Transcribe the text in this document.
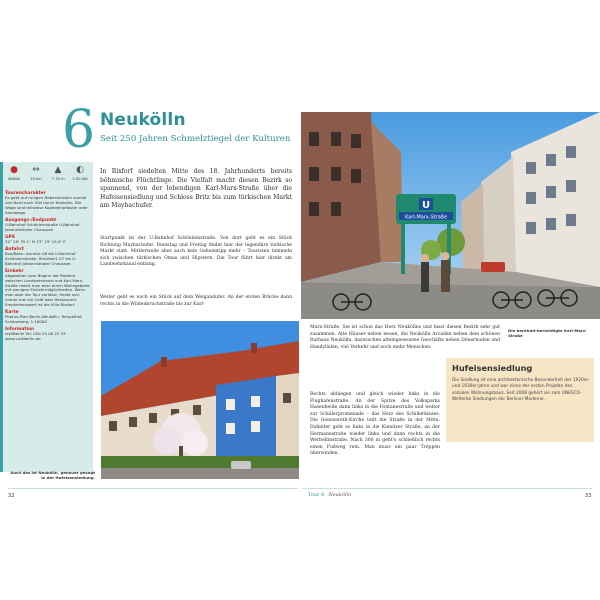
6 Neukölln
Seit 250 Jahren Schmelztiegel der Kulturen
●
Wdfdd
⇔
10 km
▲
↑ 50 m
◐
1:30 Std
Tourencharakter
Es geht auf ruhigen Nebenstraßen einmal von Nord nach Süd durch Neukölln. Die Wege sind teilweise Kopfsteinpflaster oder Sandwege.
Ausgangs-/Endpunkt
U-Bahnhof Schönleinstraße U-Bahnhof Johannisthaler Chaussee
GPS
52° 29' 35.1" N 13° 25' 19.4" E
Anfahrt
Bus/Bahn: Anreise U8 bis U-Bahnhof Schönleinstraße. Rückfahrt U7 bis U-Bahnhof Johannisthaler Chaussee.
Einkehr
Abgesehen vom Beginn der Radtour zwischen Landwehrkanal und Karl-Marx-Straße radelt man eher durch Wohngebiete mit wenigen Einkehrmöglichkeiten. Wenn man aber die Tour verlässt, findet sich immer mal ein Café oder Restaurant. Empfehlenswert ist die Villa Rixdorf.
Karte
Pharus-Plan Berlin-Neukölln, Tempelhof-Schöneberg, 1:16000
Information
visitBerlin Tel. 030-25 00 23 33 www.visitberlin.de
In Rixforf siedelten Mitte des 18. Jahrhunderts bereits böhmische Flüchtlinge. Die Vielfalt macht diesen Bezirk so spannend, von der lebendigen Karl-Marx-Straße über die Hufeisensiedlung und Schloss Britz bis zum türkischen Markt am Maybachufer.
Startpunkt ist der U-Bahnhof Schönleinstraße. Von dort geht es ein Stück Richtung Maybachufer. Dienstag und Freitag findet hier der legendäre türkische Markt statt. Mittlerweile aber auch kein Geheimtipp mehr – Touristen tummeln sich zwischen türkischen Omas und Hipstern. Die Tour führt hier direkt am Landwehrkanal entlang.
Weiter geht es noch ein Stück auf dem Weigandufer. An der ersten Brücke dann rechts in die Wildenbruchstraße bis zur Karl-
Marx-Straße. Sie ist schon das Herz Neuköllns und fasst diesen Bezirk sehr gut zusammen. Alte Häuser neben neuen, die Neukölln Arcaden neben dem schönen Rathaus Neukölln, dazwischen alteingesessene Geschäfte neben Dönerbuden und Handyläden, viel Verkehr und noch mehr Menschen.
Rechts abbiegen und gleich wieder links in die Flughafenstraße. An der Spitze des Volksparks Hasenheide dann links in die Fontanestraße und weiter zur Schillerpromenade – das Herz des Schillerkiezes. Die Genezareth-Kirche teilt die Straße in der Mitte. Dahinter geht es links in die Kienitzer Straße, an der Hermannstraße wieder links und dann rechts in die Werbellinstraße. Nach 300 m geht's schließlich rechts einen Fußweg rein. Man muss ein paar Treppen überwinden.
U
Karl-Marx-Straße
Die berühmt-berüchtigte Karl-Marx-Straße
Auch das ist Neukölln, genauer gesagt in der Hufeisensiedlung.
Hufeisensiedlung
Die Siedlung ist eine architektonische Besonderheit der 1920er- und 1930er-Jahre und war eines der ersten Projekte des sozialen Wohnungsbaus. Seit 2008 gehört sie zum UNESCO-Welterbe Siedlungen der Berliner Moderne.
32	33
Tour 6 Neukölln
